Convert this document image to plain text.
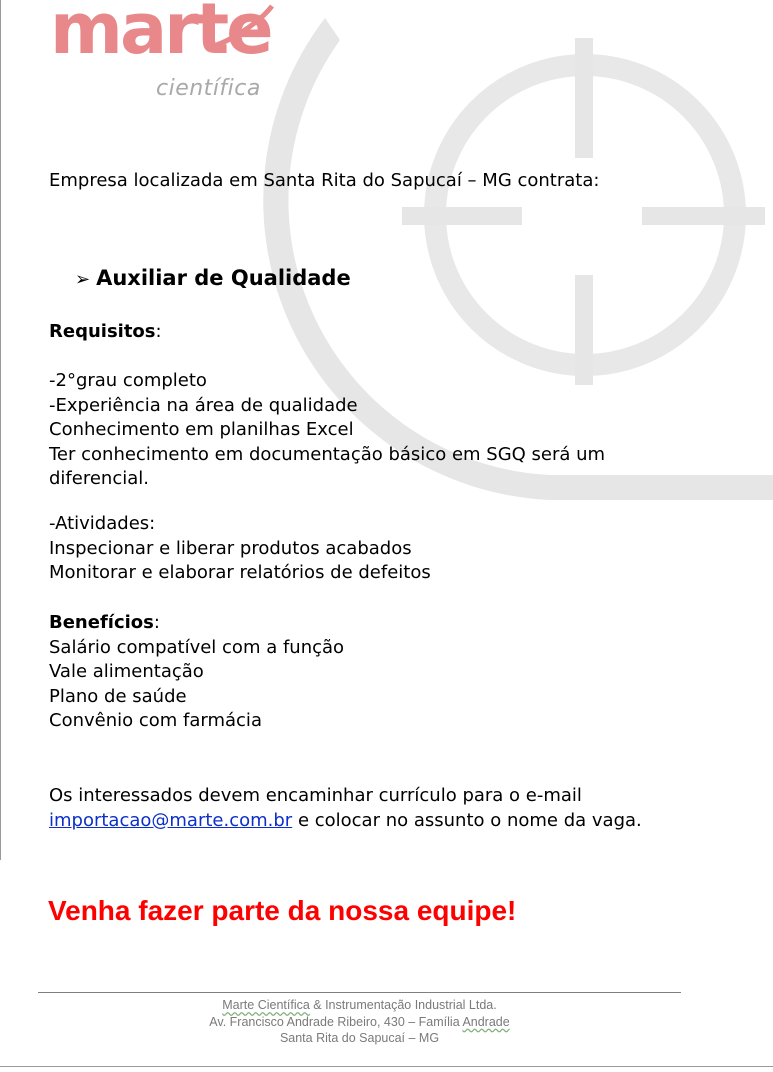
marte
científica
Empresa localizada em Santa Rita do Sapucaí – MG contrata:
➢ Auxiliar de Qualidade
Requisitos:
-2°grau completo
-Experiência na área de qualidade
Conhecimento em planilhas Excel
Ter conhecimento em documentação básico em SGQ será um
diferencial.
-Atividades:
Inspecionar e liberar produtos acabados
Monitorar e elaborar relatórios de defeitos
Benefícios:
Salário compatível com a função
Vale alimentação
Plano de saúde
Convênio com farmácia
Os interessados devem encaminhar currículo para o e-mail
importacao@marte.com.br e colocar no assunto o nome da vaga.
Venha fazer parte da nossa equipe!
Marte Científica & Instrumentação Industrial Ltda.
Av. Francisco Andrade Ribeiro, 430 – Família Andrade
Santa Rita do Sapucaí – MG
